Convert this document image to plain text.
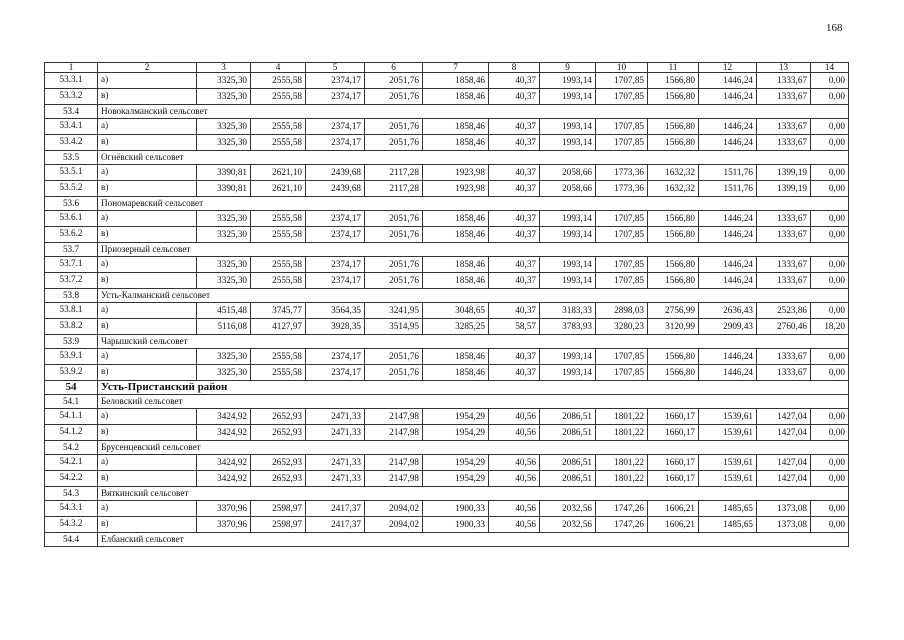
168
1	2	3	4	5	6	7	8	9	10	11	12	13	14
53.3.1	а)	3325,30	2555,58	2374,17	2051,76	1858,46	40,37	1993,14	1707,85	1566,80	1446,24	1333,67	0,00
53.3.2	в)	3325,30	2555,58	2374,17	2051,76	1858,46	40,37	1993,14	1707,85	1566,80	1446,24	1333,67	0,00
53.4	Новокалманский сельсовет												
53.4.1	а)	3325,30	2555,58	2374,17	2051,76	1858,46	40,37	1993,14	1707,85	1566,80	1446,24	1333,67	0,00
53.4.2	в)	3325,30	2555,58	2374,17	2051,76	1858,46	40,37	1993,14	1707,85	1566,80	1446,24	1333,67	0,00
53.5	Огнёвский сельсовет												
53.5.1	а)	3390,81	2621,10	2439,68	2117,28	1923,98	40,37	2058,66	1773,36	1632,32	1511,76	1399,19	0,00
53.5.2	в)	3390,81	2621,10	2439,68	2117,28	1923,98	40,37	2058,66	1773,36	1632,32	1511,76	1399,19	0,00
53.6	Пономаревский сельсовет												
53.6.1	а)	3325,30	2555,58	2374,17	2051,76	1858,46	40,37	1993,14	1707,85	1566,80	1446,24	1333,67	0,00
53.6.2	в)	3325,30	2555,58	2374,17	2051,76	1858,46	40,37	1993,14	1707,85	1566,80	1446,24	1333,67	0,00
53.7	Приозерный сельсовет												
53.7.1	а)	3325,30	2555,58	2374,17	2051,76	1858,46	40,37	1993,14	1707,85	1566,80	1446,24	1333,67	0,00
53.7.2	в)	3325,30	2555,58	2374,17	2051,76	1858,46	40,37	1993,14	1707,85	1566,80	1446,24	1333,67	0,00
53.8	Усть-Калманский сельсовет												
53.8.1	а)	4515,48	3745,77	3564,35	3241,95	3048,65	40,37	3183,33	2898,03	2756,99	2636,43	2523,86	0,00
53.8.2	в)	5116,08	4127,97	3928,35	3514,95	3285,25	58,57	3783,93	3280,23	3120,99	2909,43	2760,46	18,20
53.9	Чарышский сельсовет												
53.9.1	а)	3325,30	2555,58	2374,17	2051,76	1858,46	40,37	1993,14	1707,85	1566,80	1446,24	1333,67	0,00
53.9.2	в)	3325,30	2555,58	2374,17	2051,76	1858,46	40,37	1993,14	1707,85	1566,80	1446,24	1333,67	0,00
54	Усть-Пристанский район												
54.1	Беловский сельсовет												
54.1.1	а)	3424,92	2652,93	2471,33	2147,98	1954,29	40,56	2086,51	1801,22	1660,17	1539,61	1427,04	0,00
54.1.2	в)	3424,92	2652,93	2471,33	2147,98	1954,29	40,56	2086,51	1801,22	1660,17	1539,61	1427,04	0,00
54.2	Брусенцевский сельсовет												
54.2.1	а)	3424,92	2652,93	2471,33	2147,98	1954,29	40,56	2086,51	1801,22	1660,17	1539,61	1427,04	0,00
54.2.2	в)	3424,92	2652,93	2471,33	2147,98	1954,29	40,56	2086,51	1801,22	1660,17	1539,61	1427,04	0,00
54.3	Вяткинский сельсовет												
54.3.1	а)	3370,96	2598,97	2417,37	2094,02	1900,33	40,56	2032,56	1747,26	1606,21	1485,65	1373,08	0,00
54.3.2	в)	3370,96	2598,97	2417,37	2094,02	1900,33	40,56	2032,56	1747,26	1606,21	1485,65	1373,08	0,00
54.4	Елбанский сельсовет												
